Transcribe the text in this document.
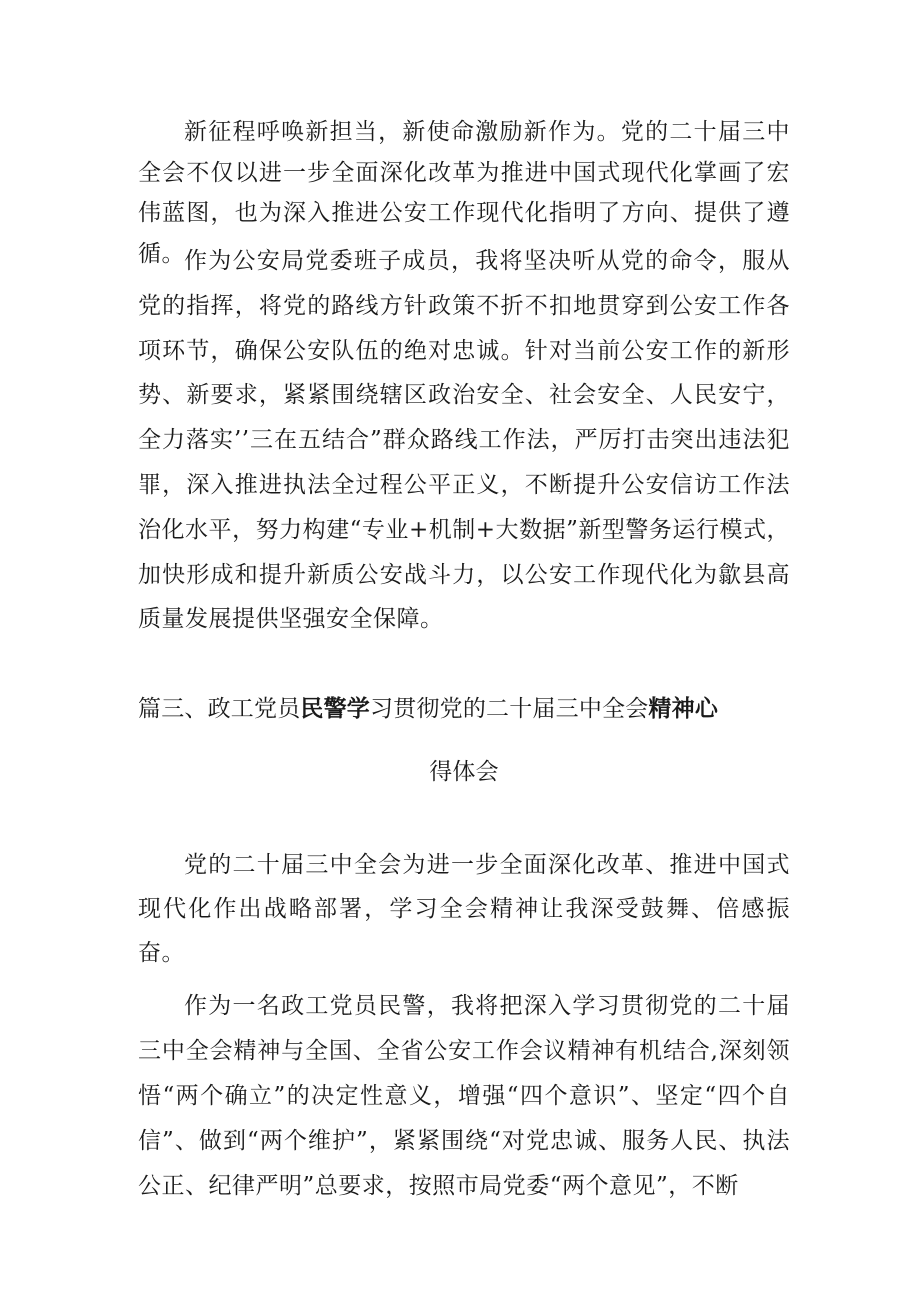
新征程呼唤新担当，新使命激励新作为。党的二十届三中全会不仅以进一步全面深化改革为推进中国式现代化掌画了宏伟蓝图，也为深入推进公安工作现代化指明了方向、提供了遵循。 作为公安局党委班子成员，我将坚决听从党的命令，服从党的指挥，将党的路线方针政策不折不扣地贯穿到公安工作各项环节，确保公安队伍的绝对忠诚。针对当前公安工作的新形势、新要求，紧紧围绕辖区政治安全、社会安全、人民安宁，全力落实’’三在五结合”群众路线工作法，严厉打击突出违法犯罪，深入推进执法全过程公平正义，不断提升公安信访工作法治化水平，努力构建“专业+机制+大数据”新型警务运行模式，加快形成和提升新质公安战斗力，以公安工作现代化为歙县高质量发展提供坚强安全保障。

篇三、政工党员民警学习贯彻党的二十届三中全会精神心
得体会

党的二十届三中全会为进一步全面深化改革、推进中国式现代化作出战略部署，学习全会精神让我深受鼓舞、倍感振奋。

作为一名政工党员民警，我将把深入学习贯彻党的二十届三中全会精神与全国、全省公安工作会议精神有机结合,深刻领悟“两个确立”的决定性意义，增强“四个意识”、坚定“四个自信”、做到“两个维护”，紧紧围绕“对党忠诚、服务人民、执法公正、纪律严明”总要求，按照市局党委“两个意见”，不断
